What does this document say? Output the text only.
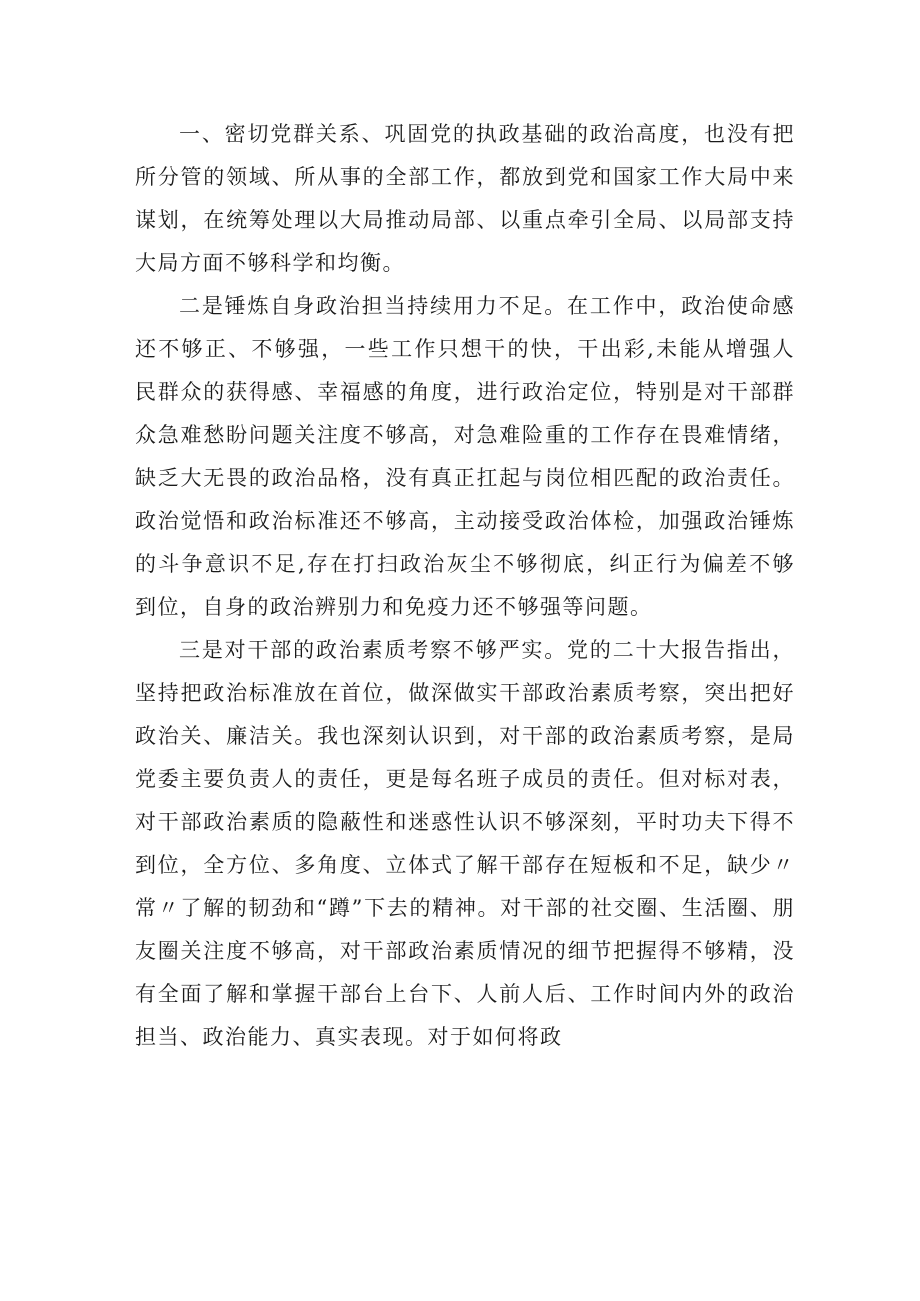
一、密切党群关系、巩固党的执政基础的政治高度，也没有把所分管的领域、所从事的全部工作，都放到党和国家工作大局中来谋划，在统筹处理以大局推动局部、以重点牵引全局、以局部支持大局方面不够科学和均衡。

二是锤炼自身政治担当持续用力不足。在工作中，政治使命感还不够正、不够强，一些工作只想干的快，干出彩,未能从增强人民群众的获得感、幸福感的角度，进行政治定位，特别是对干部群众急难愁盼问题关注度不够高，对急难险重的工作存在畏难情绪，缺乏大无畏的政治品格，没有真正扛起与岗位相匹配的政治责任。政治觉悟和政治标准还不够高，主动接受政治体检，加强政治锤炼的斗争意识不足,存在打扫政治灰尘不够彻底，纠正行为偏差不够到位，自身的政治辨别力和免疫力还不够强等问题。

三是对干部的政治素质考察不够严实。党的二十大报告指出，坚持把政治标准放在首位，做深做实干部政治素质考察，突出把好政治关、廉洁关。我也深刻认识到，对干部的政治素质考察，是局党委主要负责人的责任，更是每名班子成员的责任。但对标对表，对干部政治素质的隐蔽性和迷惑性认识不够深刻，平时功夫下得不到位，全方位、多角度、立体式了解干部存在短板和不足，缺少〃常〃了解的韧劲和“蹲”下去的精神。对干部的社交圈、生活圈、朋友圈关注度不够高，对干部政治素质情况的细节把握得不够精，没有全面了解和掌握干部台上台下、人前人后、工作时间内外的政治担当、政治能力、真实表现。对于如何将政
